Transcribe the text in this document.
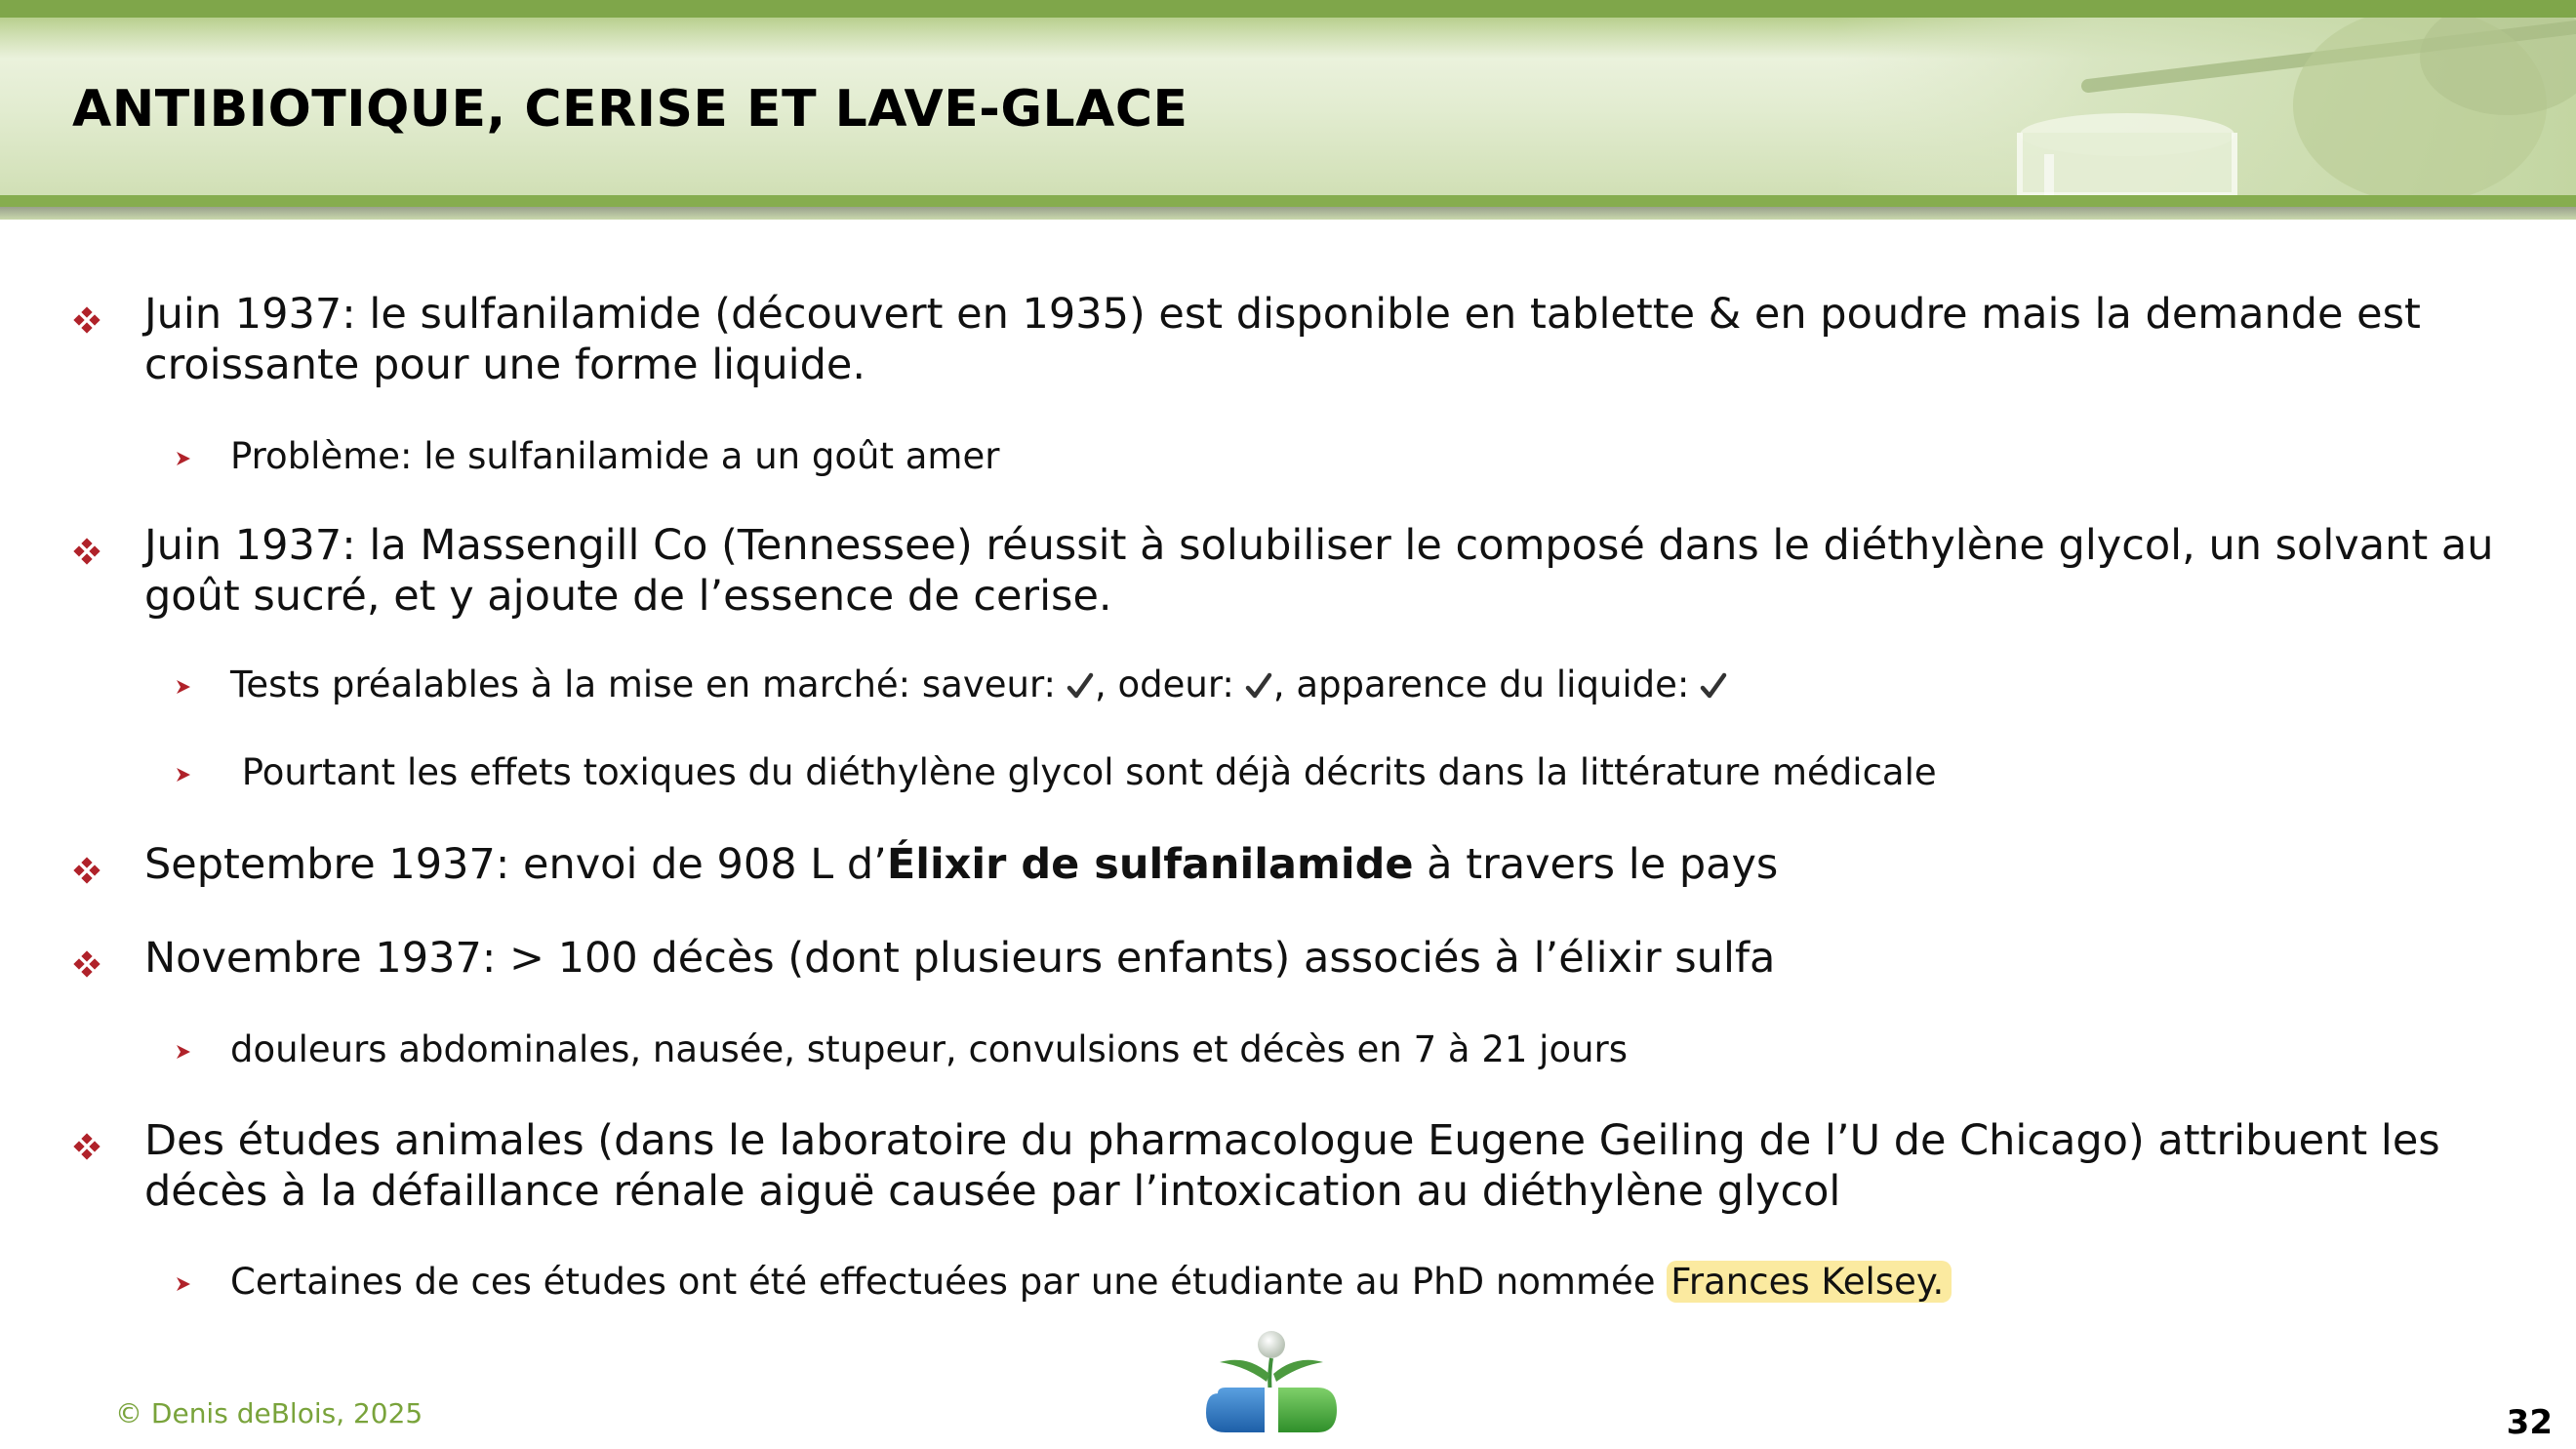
ANTIBIOTIQUE, CERISE ET LAVE-GLACE
Juin 1937: le sulfanilamide (découvert en 1935) est disponible en tablette & en poudre mais la demande est croissante pour une forme liquide.
Problème: le sulfanilamide a un goût amer
Juin 1937: la Massengill Co (Tennessee) réussit à solubiliser le composé dans le diéthylène glycol, un solvant au goût sucré, et y ajoute de l’essence de cerise.
Tests préalables à la mise en marché: saveur: , odeur: , apparence du liquide:
Pourtant les effets toxiques du diéthylène glycol sont déjà décrits dans la littérature médicale
Septembre 1937: envoi de 908 L d’Élixir de sulfanilamide à travers le pays
Novembre 1937: > 100 décès (dont plusieurs enfants) associés à l’élixir sulfa
douleurs abdominales, nausée, stupeur, convulsions et décès en 7 à 21 jours
Des études animales (dans le laboratoire du pharmacologue Eugene Geiling de l’U de Chicago) attribuent les décès à la défaillance rénale aiguë causée par l’intoxication au diéthylène glycol
Certaines de ces études ont été effectuées par une étudiante au PhD nommée Frances Kelsey.
© Denis deBlois, 2025	32
